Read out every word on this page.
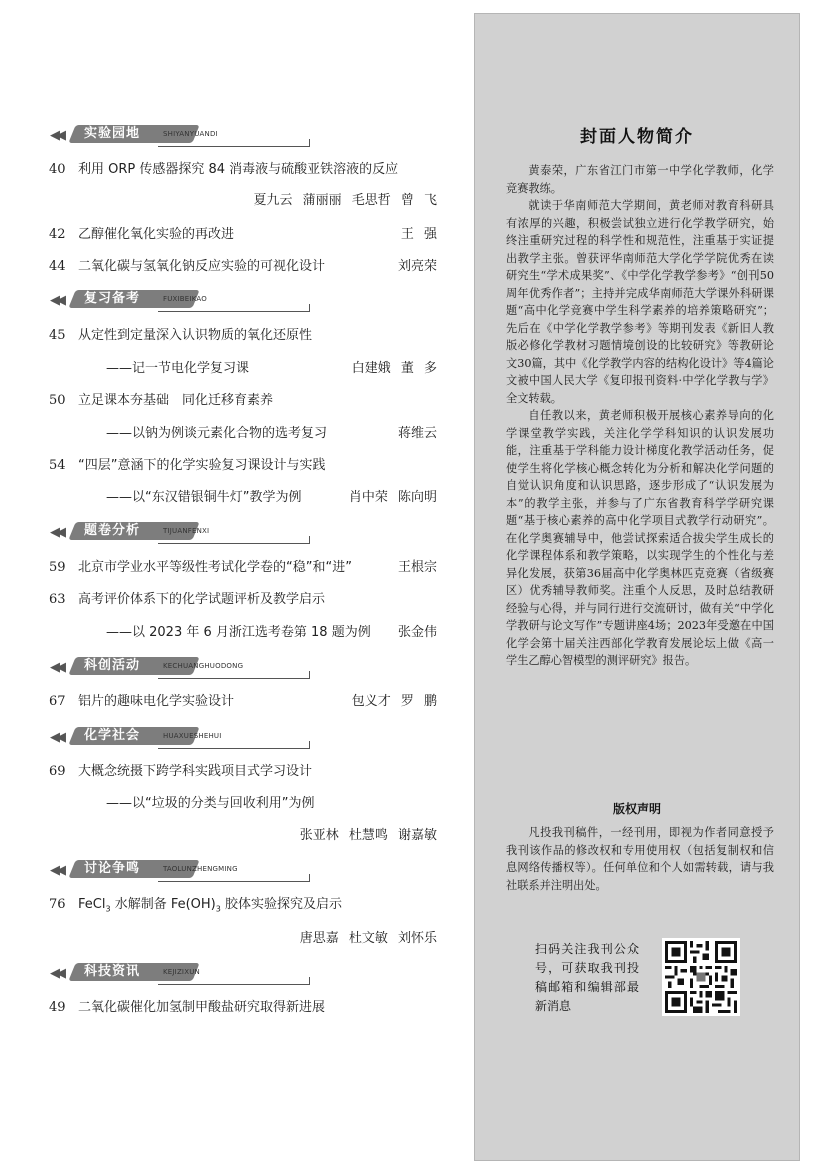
◀◀ 实验园地	SHIYANYUANDI
40 利用 ORP 传感器探究 84 消毒液与硫酸亚铁溶液的反应
夏九云 蒲丽丽 毛思哲 曾 飞
42 乙醇催化氧化实验的再改进	王 强
44 二氧化碳与氢氧化钠反应实验的可视化设计	刘亮荣
◀◀ 复习备考	FUXIBEIKAO
45 从定性到定量深入认识物质的氧化还原性
——记一节电化学复习课	白建娥 董 多
50 立足课本夯基础　同化迁移育素养
——以钠为例谈元素化合物的选考复习	蒋维云
54 “四层”意涵下的化学实验复习课设计与实践
——以“东汉错银铜牛灯”教学为例	肖中荣 陈向明
◀◀ 题卷分析	TIJUANFENXI
59 北京市学业水平等级性考试化学卷的“稳”和“进”	王根宗
63 高考评价体系下的化学试题评析及教学启示
——以 2023 年 6 月浙江选考卷第 18 题为例 张金伟
◀◀ 科创活动	KECHUANGHUODONG
67 铝片的趣味电化学实验设计	包义才 罗 鹏
◀◀ 化学社会	HUAXUESHEHUI
69 大概念统摄下跨学科实践项目式学习设计
——以“垃圾的分类与回收利用”为例
张亚林 杜慧鸣 谢嘉敏
◀◀ 讨论争鸣	TAOLUNZHENGMING
76 FeCl$_3$ 水解制备 $Fe(OH)_3$ 胶体实验探究及启示
唐思嘉 杜文敏 刘怀乐
◀◀ 科技资讯	KEJIZIXUN
49 二氧化碳催化加氢制甲酸盐研究取得新进展
封面人物简介

黄泰荣，广东省江门市第一中学化学教师，化学竞赛教练。

就读于华南师范大学期间，黄老师对教育科研具有浓厚的兴趣，积极尝试独立进行化学教学研究，始终注重研究过程的科学性和规范性，注重基于实证提出教学主张。曾获评华南师范大学化学学院优秀在读研究生“学术成果奖”、《中学化学教学参考》“创刊50周年优秀作者”；主持并完成华南师范大学课外科研课题“高中化学竞赛中学生科学素养的培养策略研究”；先后在《中学化学教学参考》等期刊发表《新旧人教版必修化学教材习题情境创设的比较研究》等教研论文30篇，其中《化学教学内容的结构化设计》等4篇论文被中国人民大学《复印报刊资料·中学化学教与学》全文转载。

自任教以来，黄老师积极开展核心素养导向的化学课堂教学实践，关注化学学科知识的认识发展功能，注重基于学科能力设计梯度化教学活动任务，促使学生将化学核心概念转化为分析和解决化学问题的自觉认识角度和认识思路，逐步形成了“认识发展为本”的教学主张，并参与了广东省教育科学学研究课题“基于核心素养的高中化学项目式教学行动研究”。在化学奥赛辅导中，他尝试探索适合拔尖学生成长的化学课程体系和教学策略，以实现学生的个性化与差异化发展，获第36届高中化学奥林匹克竞赛（省级赛区）优秀辅导教师奖。注重个人反思，及时总结教研经验与心得，并与同行进行交流研讨，做有关“中学化学教研与论文写作”专题讲座4场；2023年受邀在中国化学会第十届关注西部化学教育发展论坛上做《高一学生乙醇心智模型的测评研究》报告。

版权声明

凡投我刊稿件，一经刊用，即视为作者同意授予我刊该作品的修改权和专用使用权（包括复制权和信息网络传播权等）。任何单位和个人如需转载，请与我社联系并注明出处。

扫码关注我刊公众号，可获取我刊投稿邮箱和编辑部最新消息
